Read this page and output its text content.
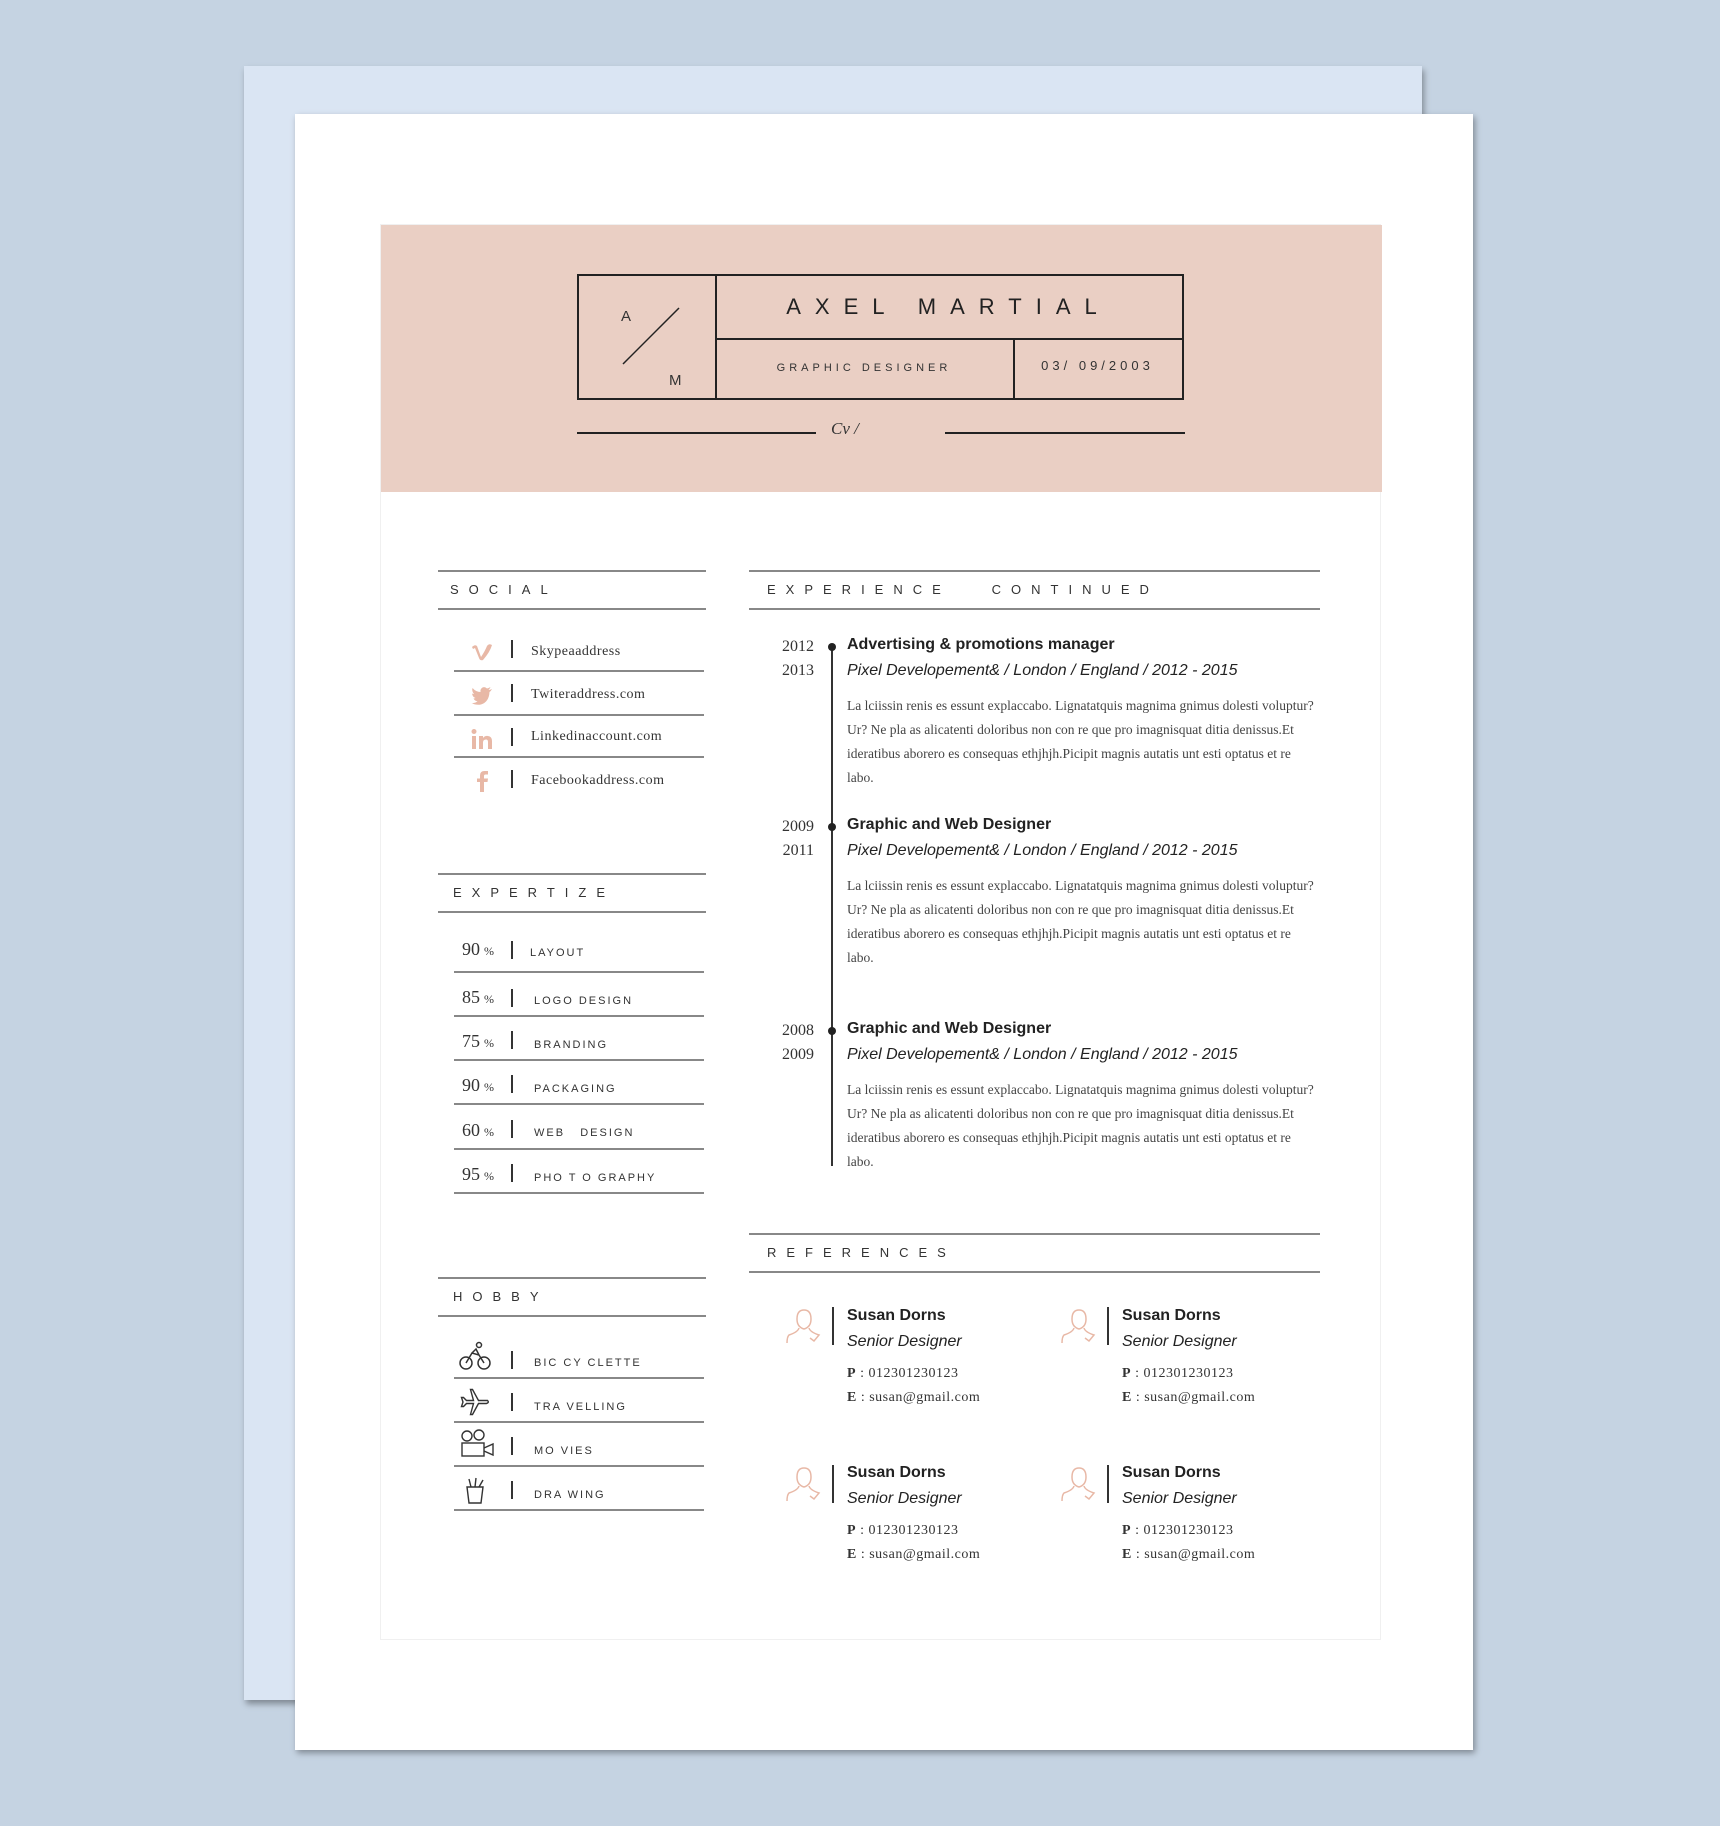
A
M
AXEL MARTIAL
GRAPHIC DESIGNER	03/ 09/2003
Cv /
SOCIAL
Skypeaaddress
Twiteraddress.com
Linkedinaccount.com
Facebookaddress.com
EXPERTIZE
90 %	LAYOUT
85 %	LOGO DESIGN
75 %	BRANDING
90 %	PACKAGING
60 %	WEB   DESIGN
95 %	PHO T O GRAPHY
HOBBY
BIC CY CLETTE
TRA VELLING
MO VIES
DRA WING
EXPERIENCE   CONTINUED
2012
2013
Advertising & promotions manager
Pixel Developement& / London / England / 2012 - 2015
La lciissin renis es essunt explaccabo. Lignatatquis magnima gnimus dolesti voluptur?Ur? Ne pla as alicatenti doloribus non con re que pro imagnisquat ditia denissus.Et ideratibus aborero es consequas ethjhjh.Picipit magnis autatis unt esti optatus et re labo.
2009
2011
Graphic and Web Designer
Pixel Developement& / London / England / 2012 - 2015
La lciissin renis es essunt explaccabo. Lignatatquis magnima gnimus dolesti voluptur?Ur? Ne pla as alicatenti doloribus non con re que pro imagnisquat ditia denissus.Et ideratibus aborero es consequas ethjhjh.Picipit magnis autatis unt esti optatus et re labo.
2008
2009
Graphic and Web Designer
Pixel Developement& / London / England / 2012 - 2015
La lciissin renis es essunt explaccabo. Lignatatquis magnima gnimus dolesti voluptur?Ur? Ne pla as alicatenti doloribus non con re que pro imagnisquat ditia denissus.Et ideratibus aborero es consequas ethjhjh.Picipit magnis autatis unt esti optatus et re labo.
REFERENCES
Susan Dorns
Senior Designer
P : 012301230123
E : susan@gmail.com
Susan Dorns
Senior Designer
P : 012301230123
E : susan@gmail.com
Susan Dorns
Senior Designer
P : 012301230123
E : susan@gmail.com
Susan Dorns
Senior Designer
P : 012301230123
E : susan@gmail.com
